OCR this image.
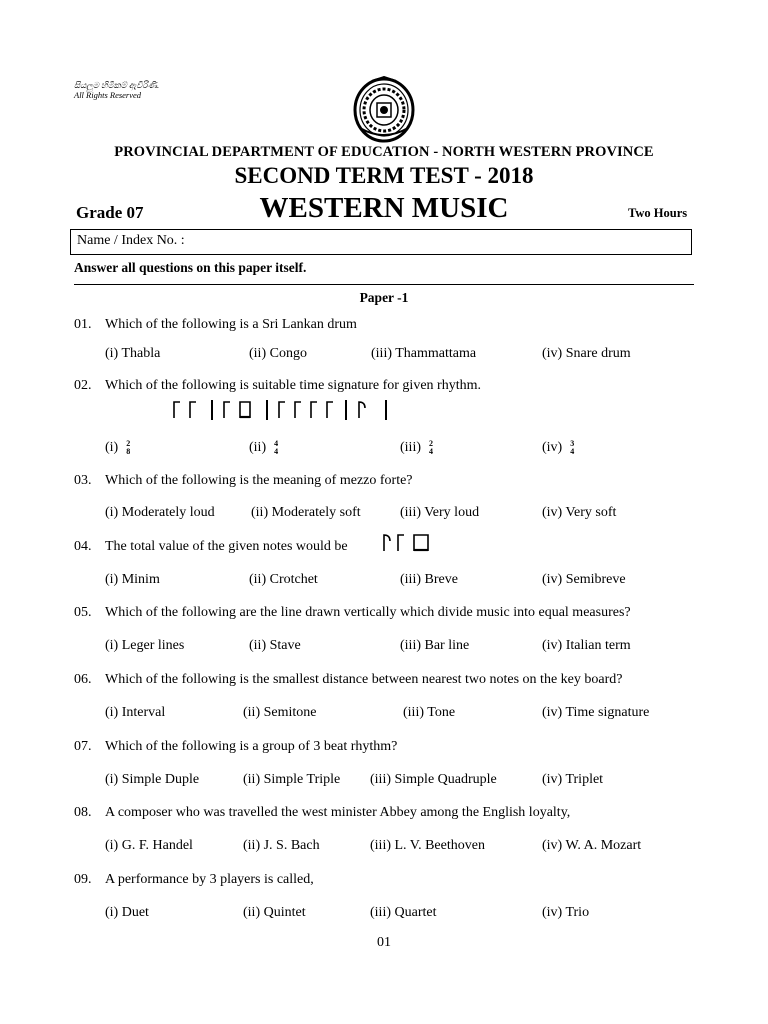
සියලුම හිමිකම් ඇවිරිණි.
All Rights Reserved
PROVINCIAL DEPARTMENT OF EDUCATION - NORTH WESTERN PROVINCE
SECOND TERM TEST - 2018
Grade 07	WESTERN MUSIC	Two Hours
Name / Index No. :
Answer all questions on this paper itself.
Paper -1
01. Which of the following is a Sri Lankan drum
(i) Thabla	(ii) Congo	(iii) Thammattama	(iv) Snare drum
02. Which of the following is suitable time signature for given rhythm.
(i) 2
8	(ii) 4
4	(iii) 2
4	(iv) 3
4
03. Which of the following is the meaning of mezzo forte?
(i) Moderately loud	(ii) Moderately soft	(iii) Very loud	(iv) Very soft
04. The total value of the given notes would be
(i) Minim	(ii) Crotchet	(iii) Breve	(iv) Semibreve
05. Which of the following are the line drawn vertically which divide music into equal measures?
(i) Leger lines	(ii) Stave	(iii) Bar line	(iv) Italian term
06. Which of the following is the smallest distance between nearest two notes on the key board?
(i) Interval	(ii) Semitone	(iii) Tone	(iv) Time signature
07. Which of the following is a group of 3 beat rhythm?
(i) Simple Duple	(ii) Simple Triple (iii) Simple Quadruple	(iv) Triplet
08. A composer who was travelled the west minister Abbey among the English loyalty,
(i) G. F. Handel	(ii) J. S. Bach	(iii) L. V. Beethoven	(iv) W. A. Mozart
09. A performance by 3 players is called,
(i) Duet	(ii) Quintet	(iii) Quartet	(iv) Trio
01
